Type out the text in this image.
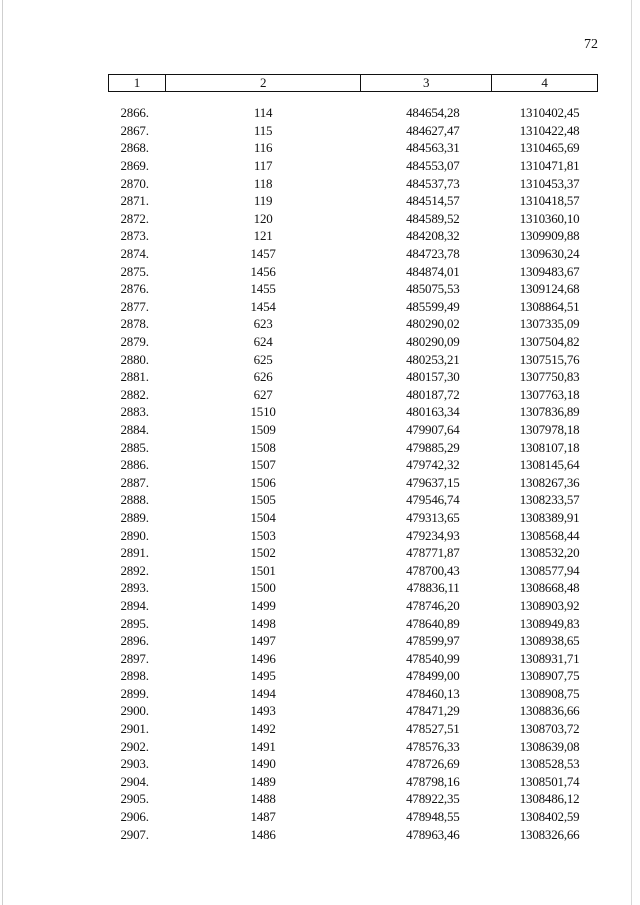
72
1	2	3	4

2866.	114	484654,28	1310402,45
2867.	115	484627,47	1310422,48
2868.	116	484563,31	1310465,69
2869.	117	484553,07	1310471,81
2870.	118	484537,73	1310453,37
2871.	119	484514,57	1310418,57
2872.	120	484589,52	1310360,10
2873.	121	484208,32	1309909,88
2874.	1457	484723,78	1309630,24
2875.	1456	484874,01	1309483,67
2876.	1455	485075,53	1309124,68
2877.	1454	485599,49	1308864,51
2878.	623	480290,02	1307335,09
2879.	624	480290,09	1307504,82
2880.	625	480253,21	1307515,76
2881.	626	480157,30	1307750,83
2882.	627	480187,72	1307763,18
2883.	1510	480163,34	1307836,89
2884.	1509	479907,64	1307978,18
2885.	1508	479885,29	1308107,18
2886.	1507	479742,32	1308145,64
2887.	1506	479637,15	1308267,36
2888.	1505	479546,74	1308233,57
2889.	1504	479313,65	1308389,91
2890.	1503	479234,93	1308568,44
2891.	1502	478771,87	1308532,20
2892.	1501	478700,43	1308577,94
2893.	1500	478836,11	1308668,48
2894.	1499	478746,20	1308903,92
2895.	1498	478640,89	1308949,83
2896.	1497	478599,97	1308938,65
2897.	1496	478540,99	1308931,71
2898.	1495	478499,00	1308907,75
2899.	1494	478460,13	1308908,75
2900.	1493	478471,29	1308836,66
2901.	1492	478527,51	1308703,72
2902.	1491	478576,33	1308639,08
2903.	1490	478726,69	1308528,53
2904.	1489	478798,16	1308501,74
2905.	1488	478922,35	1308486,12
2906.	1487	478948,55	1308402,59
2907.	1486	478963,46	1308326,66
